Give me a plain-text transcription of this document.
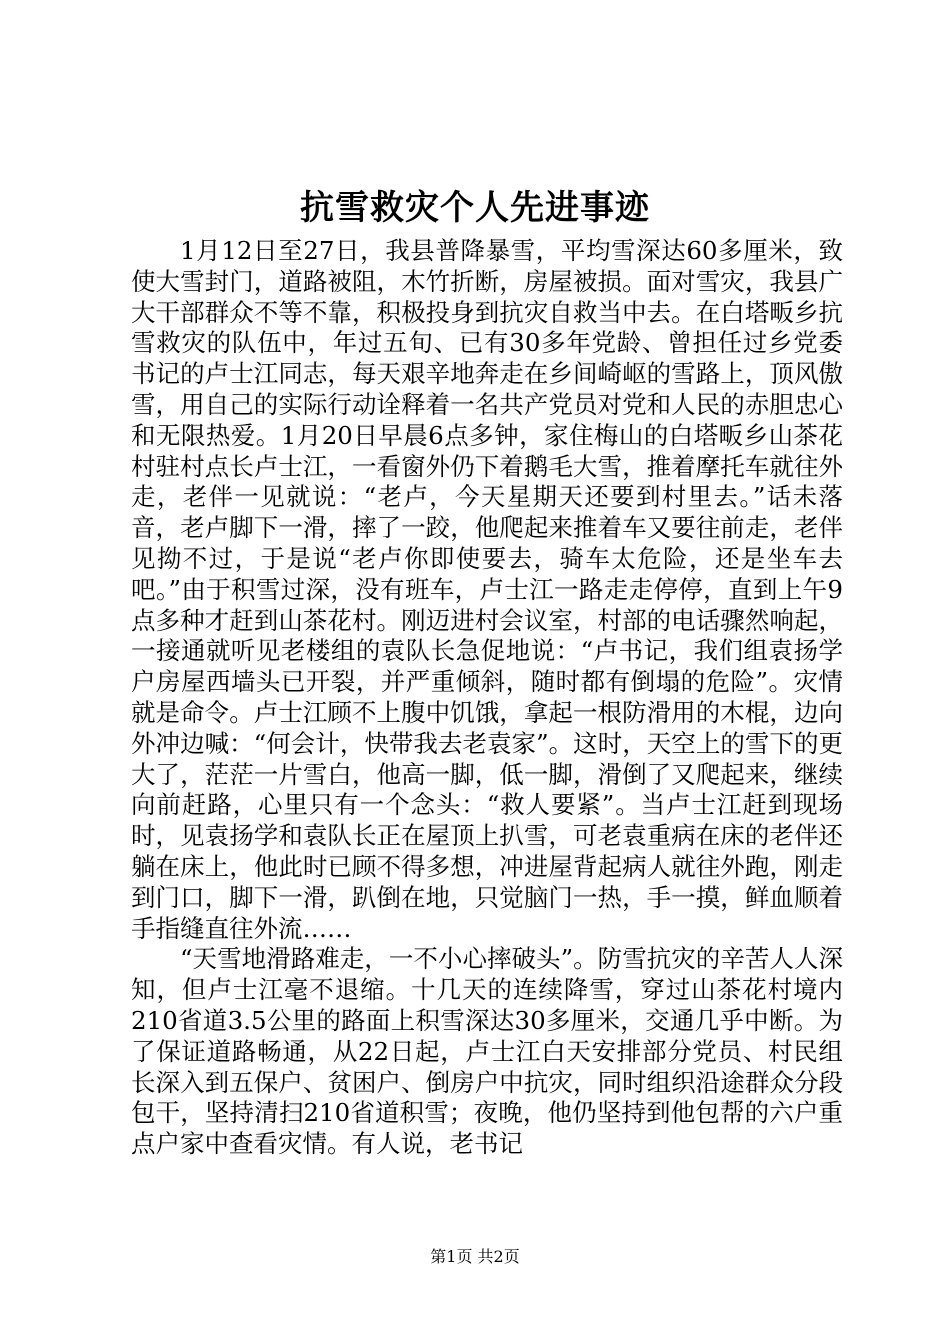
抗雪救灾个人先进事迹

1月12日至27日，我县普降暴雪，平均雪深达60多厘米，致使大雪封门，道路被阻，木竹折断，房屋被损。面对雪灾，我县广大干部群众不等不靠，积极投身到抗灾自救当中去。在白塔畈乡抗雪救灾的队伍中，年过五旬、已有30多年党龄、曾担任过乡党委书记的卢士江同志，每天艰辛地奔走在乡间崎岖的雪路上，顶风傲雪，用自己的实际行动诠释着一名共产党员对党和人民的赤胆忠心和无限热爱。1月20日早晨6点多钟，家住梅山的白塔畈乡山茶花村驻村点长卢士江，一看窗外仍下着鹅毛大雪，推着摩托车就往外走，老伴一见就说：“老卢，今天星期天还要到村里去。”话未落音，老卢脚下一滑，摔了一跤，他爬起来推着车又要往前走，老伴见拗不过，于是说“老卢你即使要去，骑车太危险，还是坐车去吧。”由于积雪过深，没有班车，卢士江一路走走停停，直到上午9点多种才赶到山茶花村。刚迈进村会议室，村部的电话骤然响起，一接通就听见老楼组的袁队长急促地说：“卢书记，我们组袁扬学户房屋西墙头已开裂，并严重倾斜，随时都有倒塌的危险”。灾情就是命令。卢士江顾不上腹中饥饿，拿起一根防滑用的木棍，边向外冲边喊：“何会计，快带我去老袁家”。这时，天空上的雪下的更大了，茫茫一片雪白，他高一脚，低一脚，滑倒了又爬起来，继续向前赶路，心里只有一个念头：“救人要紧”。当卢士江赶到现场时，见袁扬学和袁队长正在屋顶上扒雪，可老袁重病在床的老伴还躺在床上，他此时已顾不得多想，冲进屋背起病人就往外跑，刚走到门口，脚下一滑，趴倒在地，只觉脑门一热，手一摸，鲜血顺着手指缝直往外流……

“天雪地滑路难走，一不小心摔破头”。防雪抗灾的辛苦人人深知，但卢士江毫不退缩。十几天的连续降雪，穿过山茶花村境内210省道3.5公里的路面上积雪深达30多厘米，交通几乎中断。为了保证道路畅通，从22日起，卢士江白天安排部分党员、村民组长深入到五保户、贫困户、倒房户中抗灾，同时组织沿途群众分段包干，坚持清扫210省道积雪；夜晚，他仍坚持到他包帮的六户重点户家中查看灾情。有人说，老书记

第1页 共2页
